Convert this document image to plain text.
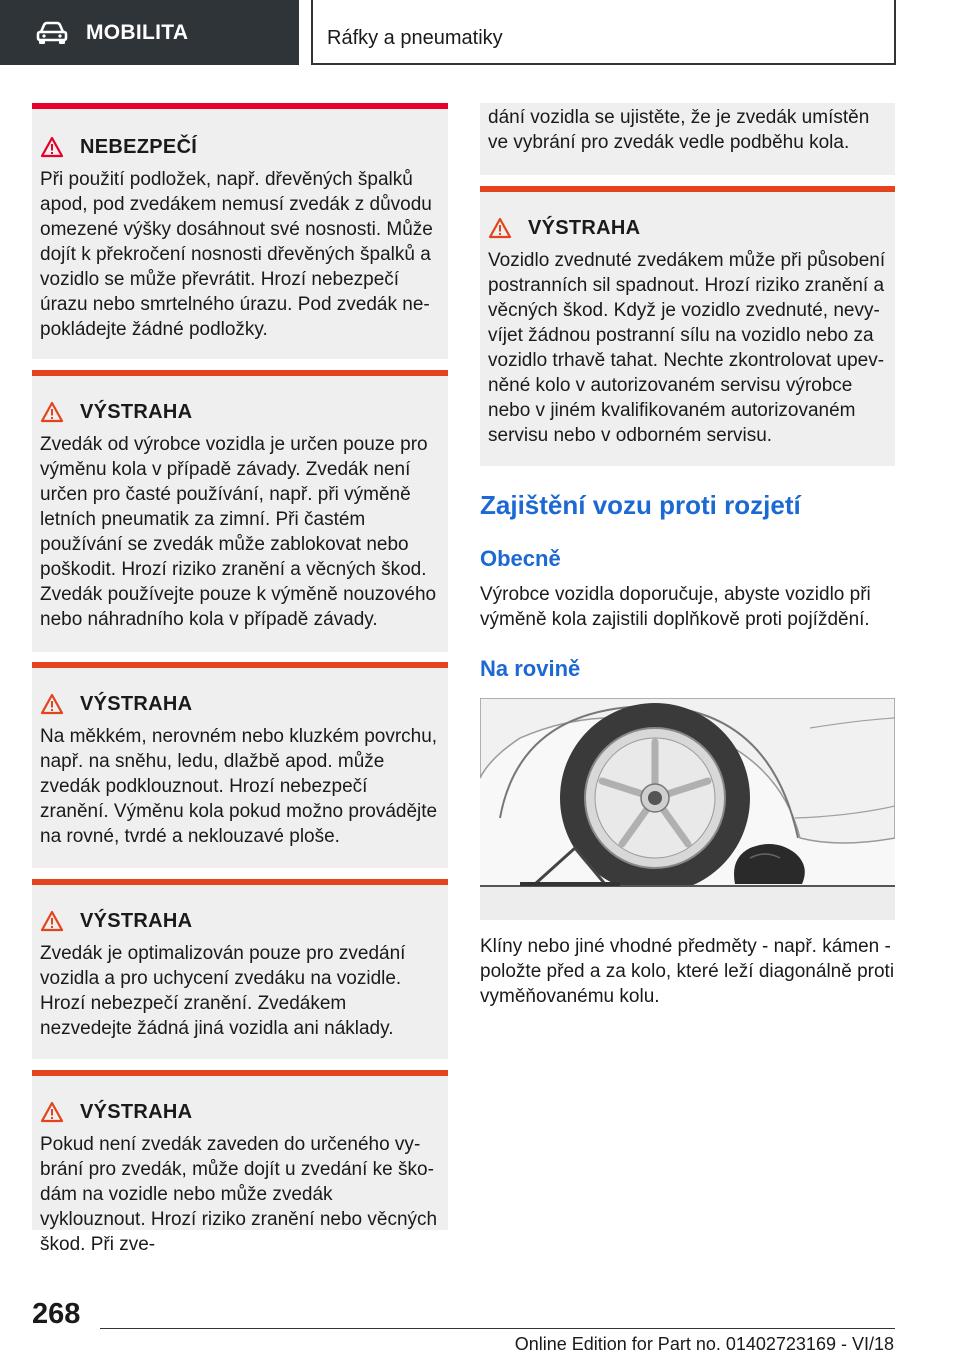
MOBILITA	Ráfky a pneumatiky
NEBEZPEČÍ
Při použití podložek, např. dřevěných špalků apod, pod zvedákem nemusí zvedák z důvodu omezené výšky dosáhnout své nosnosti. Může dojít k překročení nosnosti dřevěných špalků a vozidlo se může převrátit. Hrozí nebezpečí úrazu nebo smrtelného úrazu. Pod zvedák nepokládejte žádné podložky.
VÝSTRAHA
Zvedák od výrobce vozidla je určen pouze pro výměnu kola v případě závady. Zvedák není určen pro časté používání, např. při výměně letních pneumatik za zimní. Při častém používání se zvedák může zablokovat nebo poškodit. Hrozí riziko zranění a věcných škod. Zvedák používejte pouze k výměně nouzového nebo náhradního kola v případě závady.
VÝSTRAHA
Na měkkém, nerovném nebo kluzkém povrchu, např. na sněhu, ledu, dlažbě apod. může zvedák podklouznout. Hrozí nebezpečí zranění. Výměnu kola pokud možno provádějte na rovné, tvrdé a neklouzavé ploše.
VÝSTRAHA
Zvedák je optimalizován pouze pro zvedání vozidla a pro uchycení zvedáku na vozidle. Hrozí nebezpečí zranění. Zvedákem nezvedejte žádná jiná vozidla ani náklady.
VÝSTRAHA
Pokud není zvedák zaveden do určeného vybrání pro zvedák, může dojít u zvedání ke škodám na vozidle nebo může zvedák vyklouznout. Hrozí riziko zranění nebo věcných škod. Při zve-
dání vozidla se ujistěte, že je zvedák umístěn ve vybrání pro zvedák vedle podběhu kola.
VÝSTRAHA
Vozidlo zvednuté zvedákem může při působení postranních sil spadnout. Hrozí riziko zranění a věcných škod. Když je vozidlo zvednuté, nevyvíjet žádnou postranní sílu na vozidlo nebo za vozidlo trhavě tahat. Nechte zkontrolovat upevněné kolo v autorizovaném servisu výrobce nebo v jiném kvalifikovaném autorizovaném servisu nebo v odborném servisu.
Zajištění vozu proti rozjetí
Obecně
Výrobce vozidla doporučuje, abyste vozidlo při výměně kola zajistili doplňkově proti pojíždění.
Na rovině
Klíny nebo jiné vhodné předměty - např. kámen - položte před a za kolo, které leží diagonálně proti vyměňovanému kolu.
268
Online Edition for Part no. 01402723169 - VI/18
